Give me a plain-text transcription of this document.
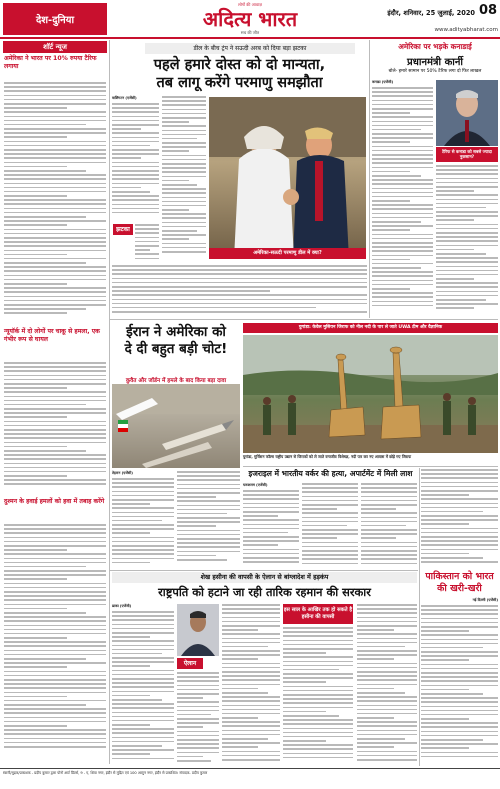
देश-दुनिया
लोगों की आवाज़
अदित्य भारत
सच की जीत
इंदौर, शनिवार, 25 जुलाई, 2020 08
www.adityabharat.com
शॉर्ट न्यूज
अमेरिका ने भारत पर 10% रुपया टैरिफ लगाया
न्यूयॉर्क में दो लोगों पर चाकू से हमला, एक गंभीर रूप से घायल
दुश्मन के हवाई हमलों को हवा में तबाह करेंगे
डील के बीच ट्रंप ने सऊदी अरब को दिया बड़ा झटका
पहले हमारे दोस्त को दो मान्यता,
तब लागू करेंगे परमाणु समझौता
वाशिंगटन (एजेंसी)
झटका
अमेरिका-सऊदी परमाणु डील में क्या?
अमेरिका पर भड़के कनाडाई
प्रधानमंत्री कार्नी
बोले- हमारे सामान पर 50% टैरिफ लगा दो फिर लाखल
कनाडा (एजेंसी)
टैरिफ से कनाडा को सबसे ज्यादा नुकसान?
ईरान ने अमेरिका को
दे दी बहुत बड़ी चोट!
कुवैत और जॉर्डन में हमले के बाद किया बड़ा दावा
तेहरान (एजेंसी)
युगांडा: केवेल मुसियन जिराफ को नील नदी के पार ले जाते UWA टीम और वैज्ञानिक
युगांडा, मुर्चिसन फॉल्स राष्ट्रीय उद्यान से जिराफों को ले जाते वन्यजीव विशेषज्ञ, नदी पार कर नए आवास में छोड़े गए जिराफ
इजराइल में भारतीय वर्कर की हत्या, अपार्टमेंट में मिली लाश
यरूशलम (एजेंसी)
पाकिस्तान को भारत
की खरी-खरी
नई दिल्ली (एजेंसी)
शेख हसीना की वापसी के ऐलान से बांग्लादेश में हड़कंप
राष्ट्रपति को हटाने जा रही तारिक रहमान की सरकार
ढाका (एजेंसी)
ऐलान
इस साल के आखिर तक हो सकते है हसीना की वापसी
स्वामी/मुद्रक/प्रकाशक - प्रदीप कुमार द्वारा पोनो आर्ट प्रिंटर्स, 9 - ए, शिवा नगर, इंदौर से मुद्रित एवं 100 अल्टुन नगर, इंदौर से प्रकाशित। संपादक- प्रदीप कुमार
